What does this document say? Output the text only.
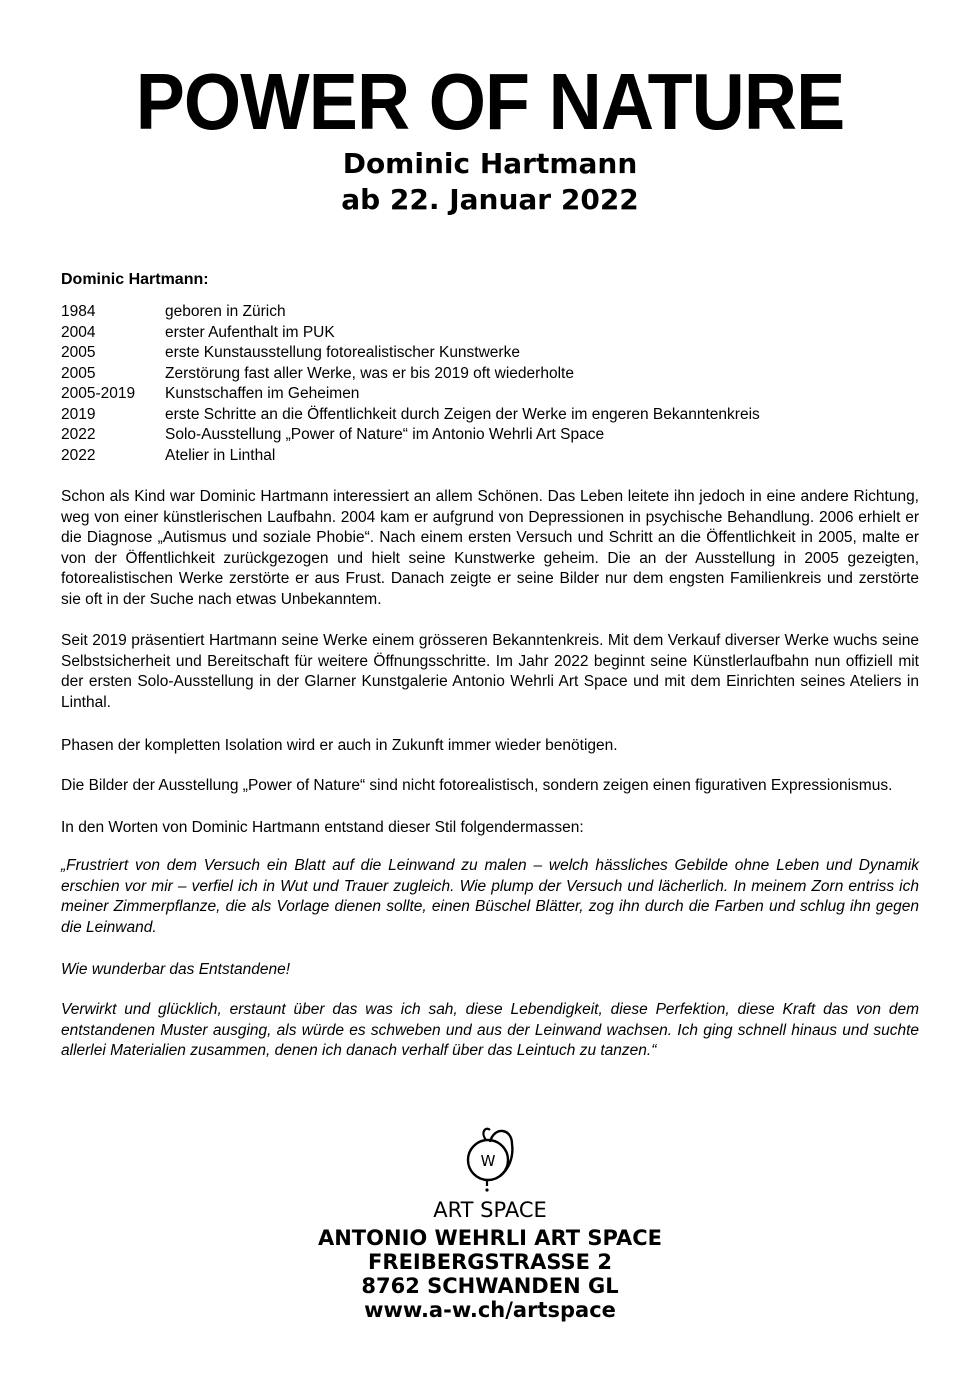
POWER OF NATURE
Dominic Hartmann
ab 22. Januar 2022
Dominic Hartmann:
1984	geboren in Zürich
2004	erster Aufenthalt im PUK
2005	erste Kunstausstellung fotorealistischer Kunstwerke
2005	Zerstörung fast aller Werke, was er bis 2019 oft wiederholte
2005-2019	Kunstschaffen im Geheimen
2019	erste Schritte an die Öffentlichkeit durch Zeigen der Werke im engeren Bekanntenkreis
2022	Solo-Ausstellung „Power of Nature“ im Antonio Wehrli Art Space
2022	Atelier in Linthal

Schon als Kind war Dominic Hartmann interessiert an allem Schönen. Das Leben leitete ihn jedoch in eine andere Richtung, weg von einer künstlerischen Laufbahn. 2004 kam er aufgrund von Depressionen in psychische Behandlung. 2006 erhielt er die Diagnose „Autismus und soziale Phobie“. Nach einem ersten Versuch und Schritt an die Öffentlichkeit in 2005, malte er von der Öffentlichkeit zurückgezogen und hielt seine Kunstwerke geheim. Die an der Ausstellung in 2005 gezeigten, fotorealistischen Werke zerstörte er aus Frust. Danach zeigte er seine Bilder nur dem engsten Familienkreis und zerstörte sie oft in der Suche nach etwas Unbekanntem.

Seit 2019 präsentiert Hartmann seine Werke einem grösseren Bekanntenkreis. Mit dem Verkauf diverser Werke wuchs seine Selbstsicherheit und Bereitschaft für weitere Öffnungsschritte. Im Jahr 2022 beginnt seine Künstlerlaufbahn nun offiziell mit der ersten Solo-Ausstellung in der Glarner Kunstgalerie Antonio Wehrli Art Space und mit dem Einrichten seines Ateliers in Linthal.

Phasen der kompletten Isolation wird er auch in Zukunft immer wieder benötigen.

Die Bilder der Ausstellung „Power of Nature“ sind nicht fotorealistisch, sondern zeigen einen figurativen Expressionismus.

In den Worten von Dominic Hartmann entstand dieser Stil folgendermassen:

„Frustriert von dem Versuch ein Blatt auf die Leinwand zu malen – welch hässliches Gebilde ohne Leben und Dynamik erschien vor mir – verfiel ich in Wut und Trauer zugleich. Wie plump der Versuch und lächerlich. In meinem Zorn entriss ich meiner Zimmerpflanze, die als Vorlage dienen sollte, einen Büschel Blätter, zog ihn durch die Farben und schlug ihn gegen die Leinwand.

Wie wunderbar das Entstandene!

Verwirkt und glücklich, erstaunt über das was ich sah, diese Lebendigkeit, diese Perfektion, diese Kraft das von dem entstandenen Muster ausging, als würde es schweben und aus der Leinwand wachsen. Ich ging schnell hinaus und suchte allerlei Materialien zusammen, denen ich danach verhalf über das Leintuch zu tanzen.“

W
ART SPACE
ANTONIO WEHRLI ART SPACE
FREIBERGSTRASSE 2
8762 SCHWANDEN GL
www.a-w.ch/artspace
